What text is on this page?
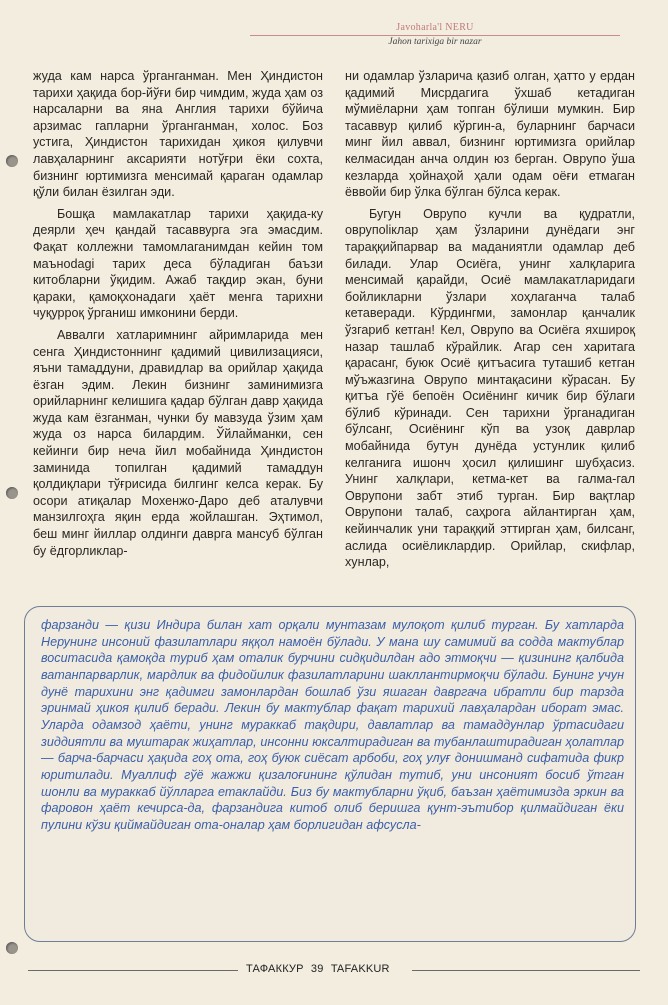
Javoharla'l NERU
Jahon tarixiga bir nazar

жуда кам нарса ўрганганман. Мен Ҳиндистон тарихи ҳақида бор-йўғи бир чимдим, жуда ҳам оз нарсаларни ва яна Англия тарихи бўйича арзимас гапларни ўрганганман, холос. Боз устига, Ҳиндистон тарихидан ҳикоя қилувчи лавҳаларнинг аксарияти нотўғри ёки сохта, бизнинг юртимизга менсимай қараган одамлар қўли билан ёзилган эди.

Бошқа мамлакатлар тарихи ҳақида-ку деярли ҳеч қандай тасаввурга эга эмасдим. Фақат коллежни тамомлаганимдан кейин том маъноdagi тарих деса бўладиган баъзи китобларни ўқидим. Ажаб тақдир экан, буни қараки, қамоқхонадаги ҳаёт менга тарихни чуқурроқ ўрганиш имконини берди.

Аввалги хатларимнинг айримларида мен сенга Ҳиндистоннинг қадимий цивилизацияси, яъни тамаддуни, дравидлар ва орийлар ҳақида ёзган эдим. Лекин бизнинг заминимизга орийларнинг келишига қадар бўлган давр ҳақида жуда кам ёзганман, чунки бу мавзуда ўзим ҳам жуда оз нарса билардим. Ўйлайманки, сен кейинги бир неча йил мобайнида Ҳиндистон заминида топилган қадимий тамаддун қолдиқлари тўғрисида билгинг келса керак. Бу осори атиқалар Мохенжо-Даро деб аталувчи манзилгоҳга яқин ерда жойлашган. Эҳтимол, беш минг йиллар олдинги даврга мансуб бўлган бу ёдгорликлар-

ни одамлар ўзларича қазиб олган, ҳатто у ердан қадимий Мисрдагига ўхшаб кетадиган мўмиёларни ҳам топган бўлиши мумкин. Бир тасаввур қилиб кўргин-а, буларнинг барчаси минг йил аввал, бизнинг юртимизга орийлар келмасидан анча олдин юз берган. Оврупо ўша кезларда ҳойнаҳой ҳали одам оёғи етмаган ёввойи бир ўлка бўлган бўлса керак.

Бугун Оврупо кучли ва қудратли, оврупoliклар ҳам ўзларини дунёдаги энг тараққийпарвар ва маданиятли одамлар деб билади. Улар Осиёга, унинг халқларига менсимай қарайди, Осиё мамлакатларидаги бойликларни ўзлари хоҳлаганча талаб кетаверади. Кўрдингми, замонлар қанчалик ўзгариб кетган! Кел, Оврупо ва Осиёга яхшироқ назар ташлаб кўрайлик. Агар сен харитага қарасанг, буюк Осиё қитъасига туташиб кетган мўъжазгина Оврупо минтақасини кўрасан. Бу қитъа гўё бепоён Осиёнинг кичик бир бўлаги бўлиб кўринади. Сен тарихни ўрганадиган бўлсанг, Осиёнинг кўп ва узоқ даврлар мобайнида бутун дунёда устунлик қилиб келганига ишонч ҳосил қилишинг шубҳасиз. Унинг халқлари, кетма-кет ва галма-гал Оврупони забт этиб турган. Бир вақтлар Оврупони талаб, саҳрога айлантирган ҳам, кейинчалик уни тараққий эттирган ҳам, билсанг, аслида осиёликлардир. Орийлар, скифлар, хунлар,

фарзанди — қизи Индира билан хат орқали мунтазам мулоқот қилиб турган. Бу хатларда Нерунинг инсоний фазилатлари яққол намоён бўлади. У мана шу самимий ва содда мактублар воситасида қамоқда туриб ҳам оталик бурчини сидқидилдан адо этмоқчи — қизининг қалбида ватанпарварлик, мардлик ва фидойилик фазилатларини шакллантирмоқчи бўлади. Бунинг учун дунё тарихини энг қадимги замонлардан бошлаб ўзи яшаган давргача ибратли бир тарзда эринмай ҳикоя қилиб беради. Лекин бу мактублар фақат тарихий лавҳалардан иборат эмас. Уларда одамзод ҳаёти, унинг мураккаб тақдири, давлатлар ва тамаддунлар ўртасидаги зиддиятли ва муштарак жиҳатлар, инсонни юксалтирадиган ва тубанлаштирадиган ҳолатлар — барча-барчаси ҳақида гоҳ ота, гоҳ буюк сиёсат арбоби, гоҳ улуғ донишманд сифатида фикр юритилади. Муаллиф гўё жажжи қизалоғининг қўлидан тутиб, уни инсоният босиб ўтган шонли ва мураккаб йўлларга етаклайди. Биз бу мактубларни ўқиб, баъзан ҳаётимизда эркин ва фаровон ҳаёт кечирса-да, фарзандига китоб олиб беришга қунт-эътибор қилмайдиган ёки пулини кўзи қиймайдиган ота-оналар ҳам борлигидан афсусла-

ТАФАККУР 39 TAFAKKUR
